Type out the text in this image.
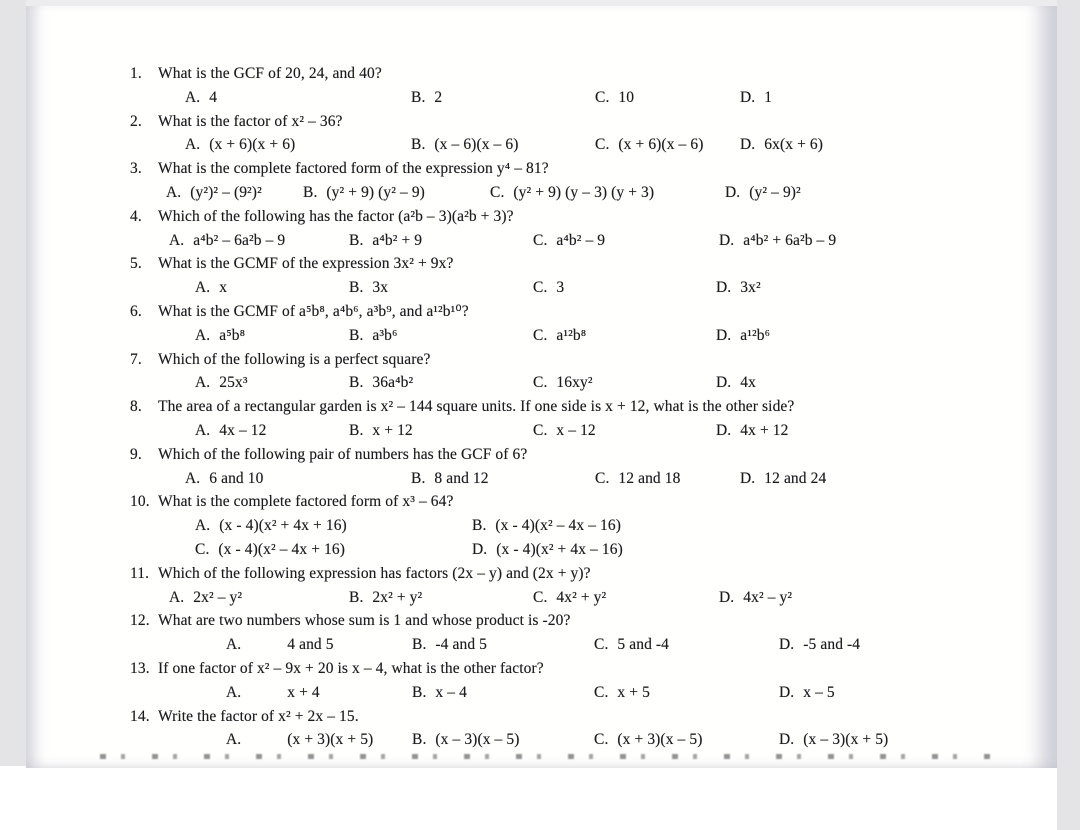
1. What is the GCF of 20, 24, and 40?
A. 4	B. 2	C. 10	D. 1
2. What is the factor of x² – 36?
A. (x + 6)(x + 6)	B. (x – 6)(x – 6)	C. (x + 6)(x – 6)	D. 6x(x + 6)
3. What is the complete factored form of the expression y⁴ – 81?
A. (y²)² – (9²)²	B. (y² + 9) (y² – 9)	C. (y² + 9) (y – 3) (y + 3)	D. (y² – 9)²
4. Which of the following has the factor (a²b – 3)(a²b + 3)?
A. a⁴b² – 6a²b – 9	B. a⁴b² + 9	C. a⁴b² – 9	D. a⁴b² + 6a²b – 9
5. What is the GCMF of the expression 3x² + 9x?
A. x	B. 3x	C. 3	D. 3x²
6. What is the GCMF of a⁵b⁸, a⁴b⁶, a³b⁹, and a¹²b¹⁰?
A. a⁵b⁸	B. a³b⁶	C. a¹²b⁸	D. a¹²b⁶
7. Which of the following is a perfect square?
A. 25x³	B. 36a⁴b²	C. 16xy²	D. 4x
8. The area of a rectangular garden is x² – 144 square units. If one side is x + 12, what is the other side?
A. 4x – 12	B. x + 12	C. x – 12	D. 4x + 12
9. Which of the following pair of numbers has the GCF of 6?
A. 6 and 10	B. 8 and 12	C. 12 and 18	D. 12 and 24
10. What is the complete factored form of x³ – 64?
A. (x - 4)(x² + 4x + 16)	B. (x - 4)(x² – 4x – 16)
C. (x - 4)(x² – 4x + 16)	D. (x - 4)(x² + 4x – 16)
11. Which of the following expression has factors (2x – y) and (2x + y)?
A. 2x² – y²	B. 2x² + y²	C. 4x² + y²	D. 4x² – y²
12. What are two numbers whose sum is 1 and whose product is -20?
A.	4 and 5	B. -4 and 5	C. 5 and -4	D. -5 and -4
13. If one factor of x² – 9x + 20 is x – 4, what is the other factor?
A.	x + 4	B. x – 4	C. x + 5	D. x – 5
14. Write the factor of x² + 2x – 15.
A.	(x + 3)(x + 5)	B. (x – 3)(x – 5)	C. (x + 3)(x – 5)	D. (x – 3)(x + 5)
